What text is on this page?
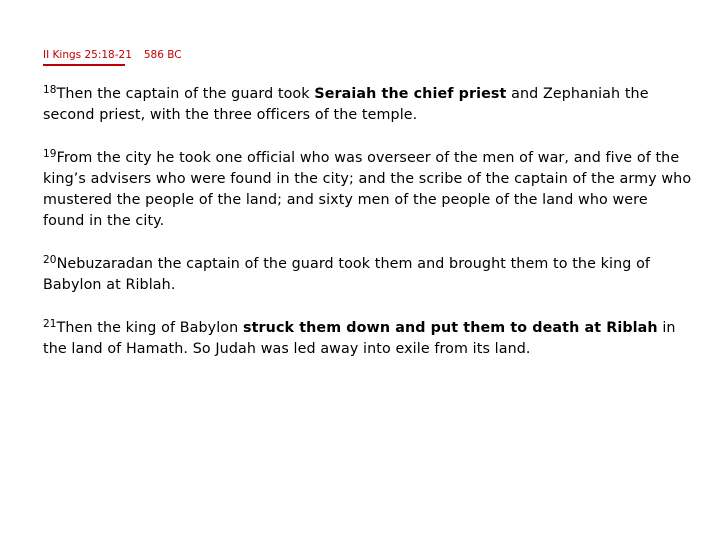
II Kings 25:18-21 586 BC

$^{18}$Then the captain of the guard took Seraiah the chief priest and Zephaniah the second priest, with the three officers of the temple.

$^{19}$From the city he took one official who was overseer of the men of war, and five of the king’s advisers who were found in the city; and the scribe of the captain of the army who mustered the people of the land; and sixty men of the people of the land who were found in the city.

$^{20}$Nebuzaradan the captain of the guard took them and brought them to the king of Babylon at Riblah.

$^{21}$Then the king of Babylon struck them down and put them to death at Riblah in the land of Hamath. So Judah was led away into exile from its land.
